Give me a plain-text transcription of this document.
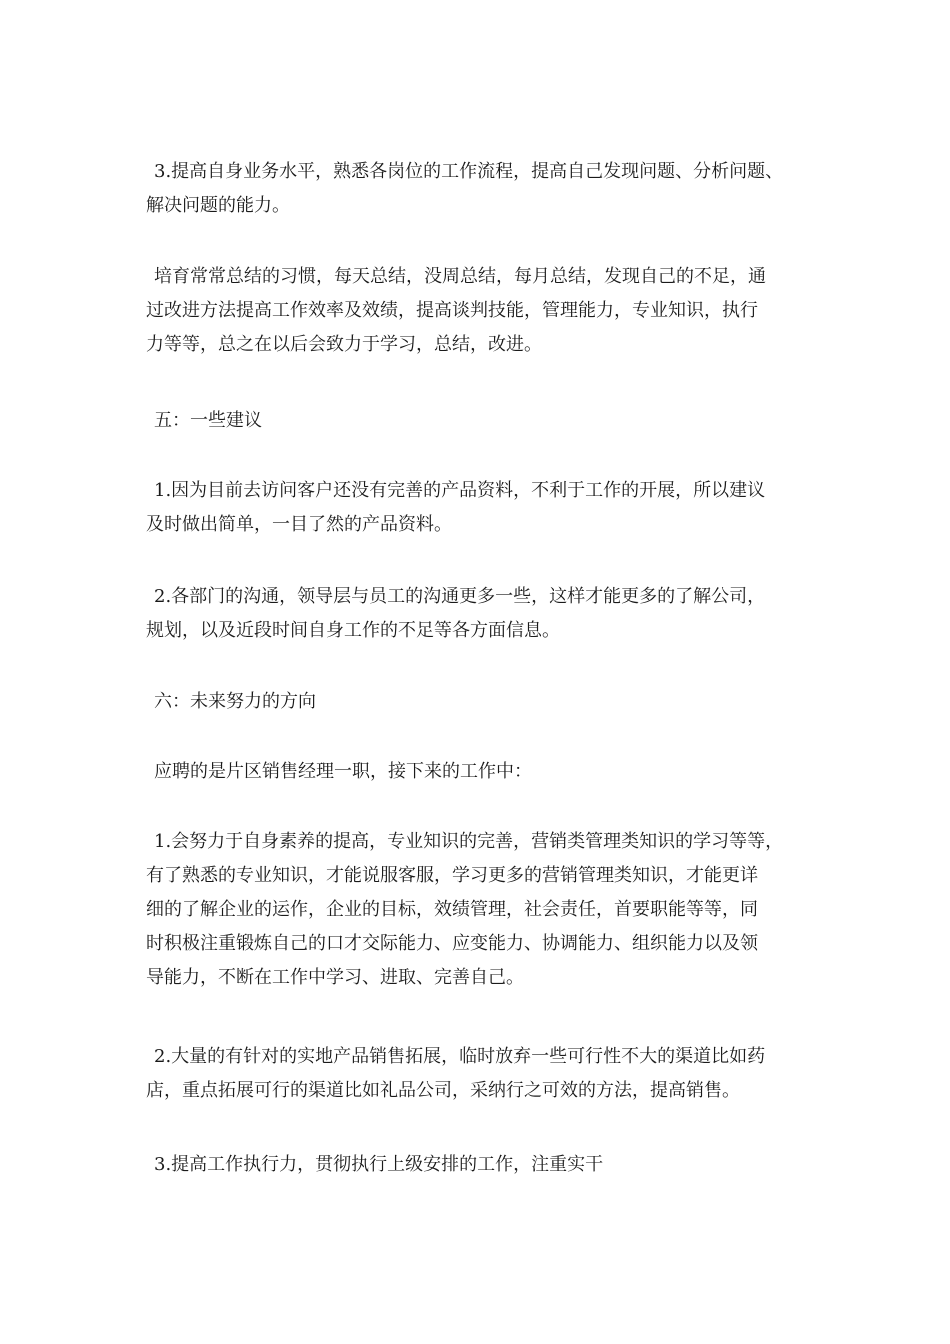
3.提高自身业务水平，熟悉各岗位的工作流程，提高自己发现问题、分析问题、
解决问题的能力。

培育常常总结的习惯，每天总结，没周总结，每月总结，发现自己的不足，通
过改进方法提高工作效率及效绩，提高谈判技能，管理能力，专业知识，执行
力等等，总之在以后会致力于学习，总结，改进。

五：一些建议

1.因为目前去访问客户还没有完善的产品资料，不利于工作的开展，所以建议
及时做出简单，一目了然的产品资料。

2.各部门的沟通，领导层与员工的沟通更多一些，这样才能更多的了解公司，
规划，以及近段时间自身工作的不足等各方面信息。

六：未来努力的方向

应聘的是片区销售经理一职，接下来的工作中：

1.会努力于自身素养的提高，专业知识的完善，营销类管理类知识的学习等等，
有了熟悉的专业知识，才能说服客服，学习更多的营销管理类知识，才能更详
细的了解企业的运作，企业的目标，效绩管理，社会责任，首要职能等等，同
时积极注重锻炼自己的口才交际能力、应变能力、协调能力、组织能力以及领
导能力，不断在工作中学习、进取、完善自己。

2.大量的有针对的实地产品销售拓展，临时放弃一些可行性不大的渠道比如药
店，重点拓展可行的渠道比如礼品公司，采纳行之可效的方法，提高销售。

3.提高工作执行力，贯彻执行上级安排的工作，注重实干
